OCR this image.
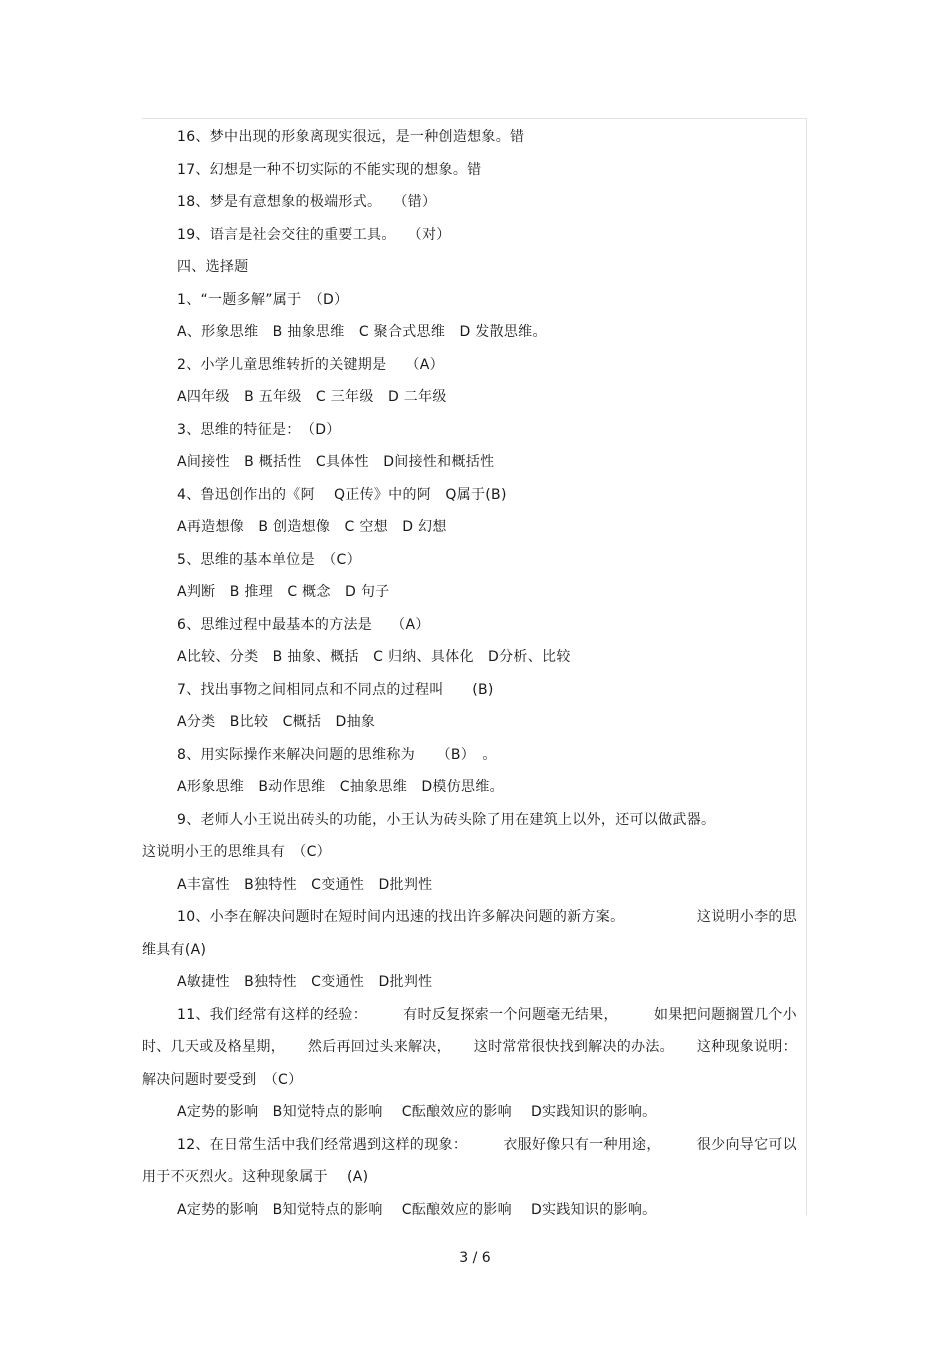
16、梦中出现的形象离现实很远，是一种创造想象。错
17、幻想是一种不切实际的不能实现的想象。错
18、梦是有意想象的极端形式。　 （错）
19、语言是社会交往的重要工具。　 （对）
四、选择题
1、“一题多解”属于　（D）
A、形象思维　B 抽象思维　C 聚合式思维　D 发散思维。
2、小学儿童思维转折的关键期是　 （A）
A四年级　B 五年级　C 三年级　D 二年级
3、思维的特征是：　（D）
A间接性　B 概括性　C具体性　D间接性和概括性
4、鲁迅创作出的《阿　 Q正传》中的阿　Q属于(B)
A再造想像　B 创造想像　C 空想　D 幻想
5、思维的基本单位是　（C）
A判断　B 推理　C 概念　D 句子
6、思维过程中最基本的方法是　 （A）
A比较、分类　B 抽象、概括　C 归纳、具体化　D分析、比较
7、找出事物之间相同点和不同点的过程叫　　(B)
A分类　B比较　C概括　D抽象
8、用实际操作来解决问题的思维称为　　（B）　。
A形象思维　B动作思维　C抽象思维　D模仿思维。
9、老师人小王说出砖头的功能，小王认为砖头除了用在建筑上以外，还可以做武器。
这说明小王的思维具有　（C）
A丰富性　B独特性　C变通性　D批判性
10、小李在解决问题时在短时间内迅速的找出许多解决问题的新方案。	这说明小李的思
维具有(A)
A敏捷性　B独特性　C变通性　D批判性
11、我们经常有这样的经验：	有时反复探索一个问题毫无结果，	如果把问题搁置几个小
时、几天或及格星期， 然后再回过头来解决， 这时常常很快找到解决的办法。 这种现象说明：
解决问题时要受到　（C）
A定势的影响　B知觉特点的影响　 C酝酿效应的影响　 D实践知识的影响。
12、在日常生活中我们经常遇到这样的现象：	衣服好像只有一种用途，	很少向导它可以
用于不灭烈火。这种现象属于　 (A)
A定势的影响　B知觉特点的影响　 C酝酿效应的影响　 D实践知识的影响。
3 / 6
